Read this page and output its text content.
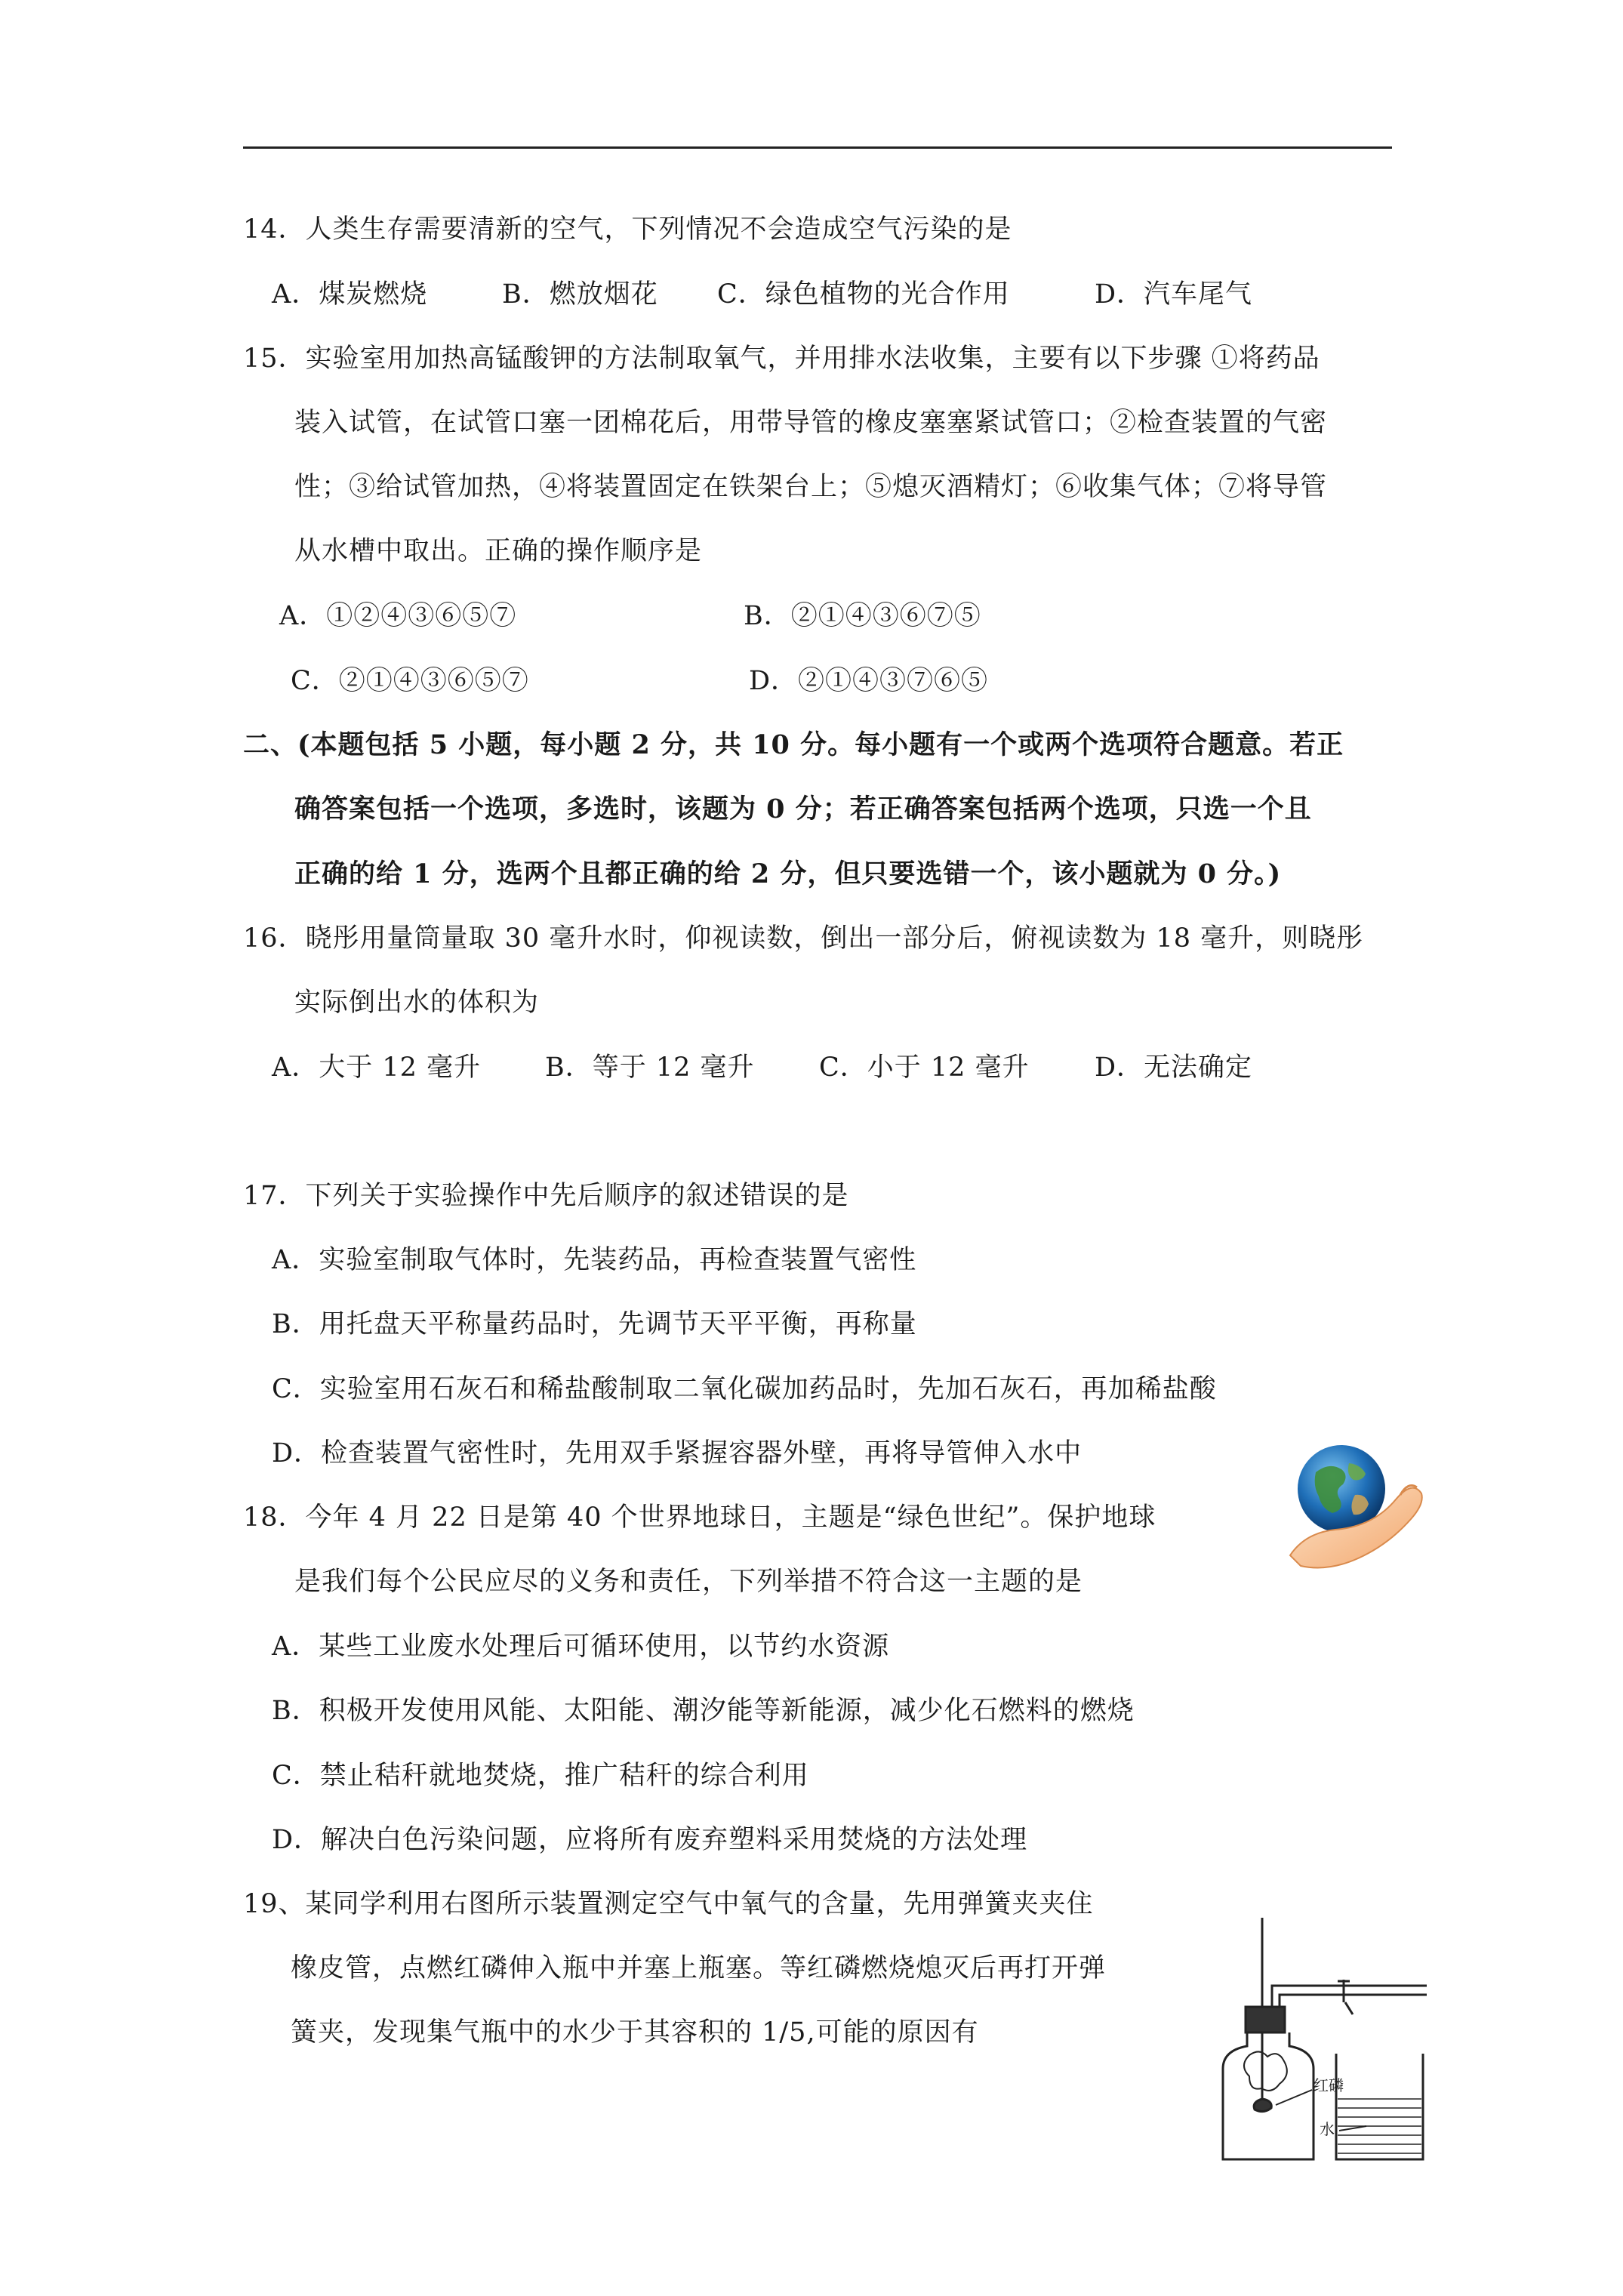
14．人类生存需要清新的空气，下列情况不会造成空气污染的是
A．煤炭燃烧	B．燃放烟花 C．绿色植物的光合作用	D．汽车尾气
15．实验室用加热高锰酸钾的方法制取氧气，并用排水法收集，主要有以下步骤 ①将药品
装入试管，在试管口塞一团棉花后，用带导管的橡皮塞塞紧试管口；②检查装置的气密
性；③给试管加热，④将装置固定在铁架台上；⑤熄灭酒精灯；⑥收集气体；⑦将导管
从水槽中取出。正确的操作顺序是
A．①②④③⑥⑤⑦	B．②①④③⑥⑦⑤
C．②①④③⑥⑤⑦	D．②①④③⑦⑥⑤
二、(本题包括 5 小题，每小题 2 分，共 10 分。每小题有一个或两个选项符合题意。若正
确答案包括一个选项，多选时，该题为 0 分；若正确答案包括两个选项，只选一个且
正确的给 1 分，选两个且都正确的给 2 分，但只要选错一个，该小题就为 0 分。)
16．晓彤用量筒量取 30 毫升水时，仰视读数，倒出一部分后，俯视读数为 18 毫升，则晓彤
实际倒出水的体积为
A．大于 12 毫升 B．等于 12 毫升 C．小于 12 毫升 D．无法确定
17．下列关于实验操作中先后顺序的叙述错误的是
A．实验室制取气体时，先装药品，再检查装置气密性
B．用托盘天平称量药品时，先调节天平平衡，再称量
C．实验室用石灰石和稀盐酸制取二氧化碳加药品时，先加石灰石，再加稀盐酸
D．检查装置气密性时，先用双手紧握容器外壁，再将导管伸入水中
18．今年 4 月 22 日是第 40 个世界地球日，主题是“绿色世纪”。保护地球
是我们每个公民应尽的义务和责任，下列举措不符合这一主题的是
A．某些工业废水处理后可循环使用，以节约水资源
B．积极开发使用风能、太阳能、潮汐能等新能源，减少化石燃料的燃烧
C．禁止秸秆就地焚烧，推广秸秆的综合利用
D．解决白色污染问题，应将所有废弃塑料采用焚烧的方法处理
19、某同学利用右图所示装置测定空气中氧气的含量，先用弹簧夹夹住
橡皮管，点燃红磷伸入瓶中并塞上瓶塞。等红磷燃烧熄灭后再打开弹
簧夹，发现集气瓶中的水少于其容积的 1/5,可能的原因有
红磷
水
